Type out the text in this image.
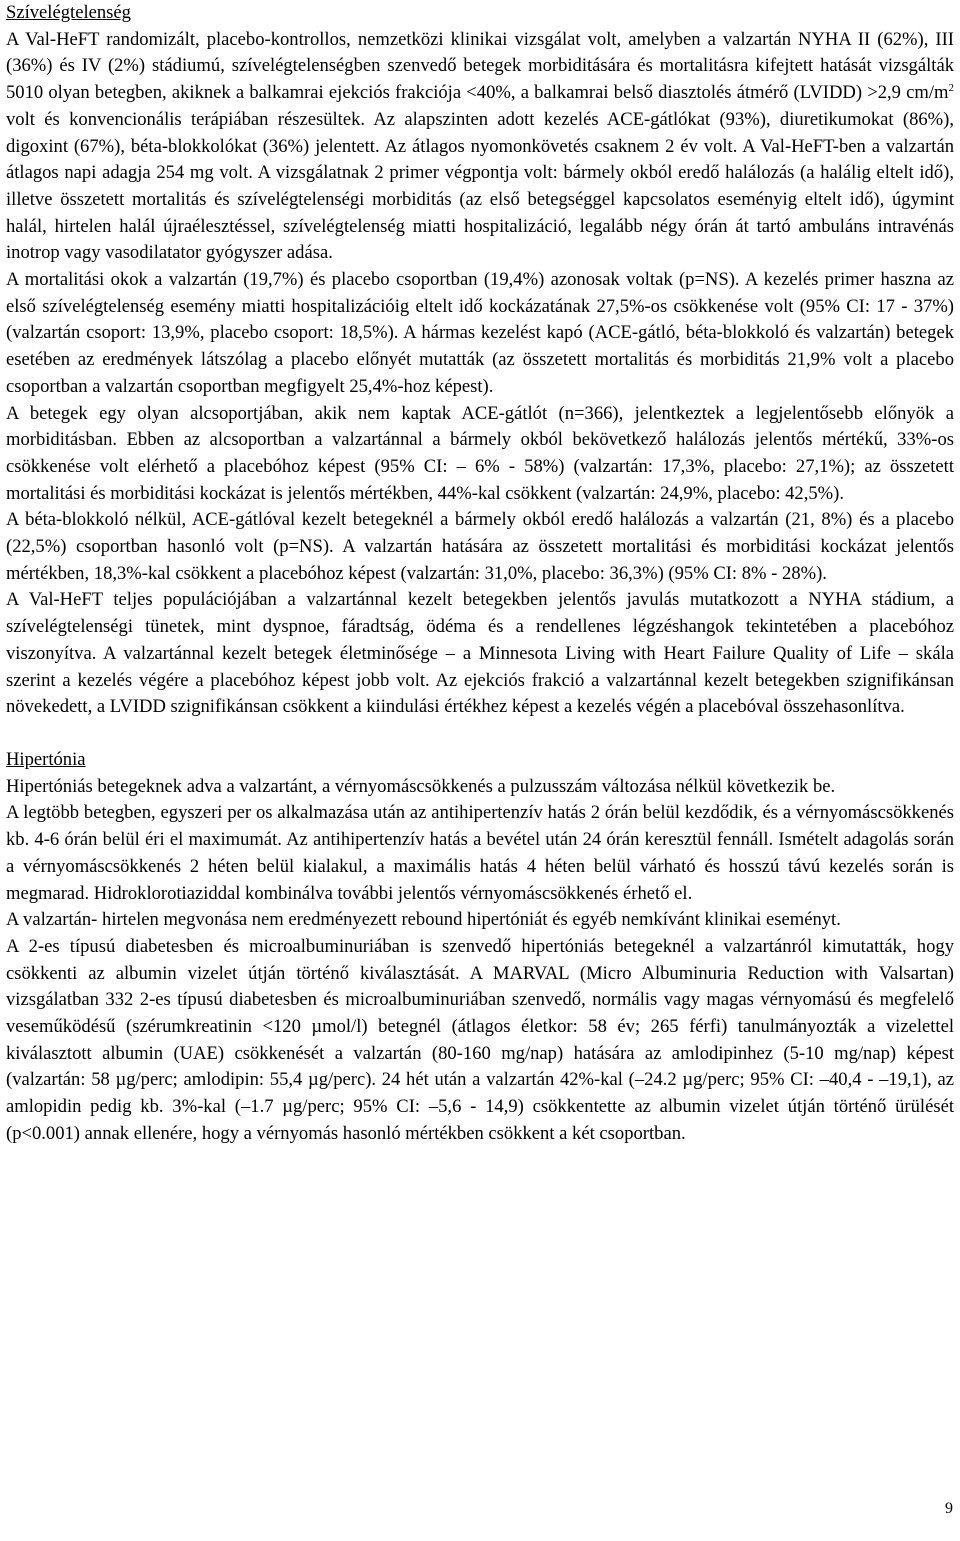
Szívelégtelenség

A Val-HeFT randomizált, placebo-kontrollos, nemzetközi klinikai vizsgálat volt, amelyben a valzartán NYHA II (62%), III (36%) és IV (2%) stádiumú, szívelégtelenségben szenvedő betegek morbiditására és mortalitásra kifejtett hatását vizsgálták 5010 olyan betegben, akiknek a balkamrai ejekciós frakciója <40%, a balkamrai belső diasztolés átmérő (LVIDD) >2,9 $cm/m^2$ volt és konvencionális terápiában részesültek. Az alapszinten adott kezelés ACE-gátlókat (93%), diuretikumokat (86%), digoxint (67%), béta-blokkolókat (36%) jelentett. Az átlagos nyomonkövetés csaknem 2 év volt. A Val-HeFT-ben a valzartán átlagos napi adagja 254 mg volt. A vizsgálatnak 2 primer végpontja volt: bármely okból eredő halálozás (a halálig eltelt idő), illetve összetett mortalitás és szívelégtelenségi morbiditás (az első betegséggel kapcsolatos eseményig eltelt idő), úgymint halál, hirtelen halál újraélesztéssel, szívelégtelenség miatti hospitalizáció, legalább négy órán át tartó ambuláns intravénás inotrop vagy vasodilatator gyógyszer adása.

A mortalitási okok a valzartán (19,7%) és placebo csoportban (19,4%) azonosak voltak (p=NS). A kezelés primer haszna az első szívelégtelenség esemény miatti hospitalizációig eltelt idő kockázatának 27,5%-os csökkenése volt (95% CI: 17 - 37%) (valzartán csoport: 13,9%, placebo csoport: 18,5%). A hármas kezelést kapó (ACE-gátló, béta-blokkoló és valzartán) betegek esetében az eredmények látszólag a placebo előnyét mutatták (az összetett mortalitás és morbiditás 21,9% volt a placebo csoportban a valzartán csoportban megfigyelt 25,4%-hoz képest).

A betegek egy olyan alcsoportjában, akik nem kaptak ACE-gátlót (n=366), jelentkeztek a legjelentősebb előnyök a morbiditásban. Ebben az alcsoportban a valzartánnal a bármely okból bekövetkező halálozás jelentős mértékű, 33%-os csökkenése volt elérhető a placebóhoz képest (95% CI: – 6% - 58%) (valzartán: 17,3%, placebo: 27,1%); az összetett mortalitási és morbiditási kockázat is jelentős mértékben, 44%-kal csökkent (valzartán: 24,9%, placebo: 42,5%).

A béta-blokkoló nélkül, ACE-gátlóval kezelt betegeknél a bármely okból eredő halálozás a valzartán (21, 8%) és a placebo (22,5%) csoportban hasonló volt (p=NS). A valzartán hatására az összetett mortalitási és morbiditási kockázat jelentős mértékben, 18,3%-kal csökkent a placebóhoz képest (valzartán: 31,0%, placebo: 36,3%) (95% CI: 8% - 28%).

A Val-HeFT teljes populációjában a valzartánnal kezelt betegekben jelentős javulás mutatkozott a NYHA stádium, a szívelégtelenségi tünetek, mint dyspnoe, fáradtság, ödéma és a rendellenes légzéshangok tekintetében a placebóhoz viszonyítva. A valzartánnal kezelt betegek életminősége – a Minnesota Living with Heart Failure Quality of Life – skála szerint a kezelés végére a placebóhoz képest jobb volt. Az ejekciós frakció a valzartánnal kezelt betegekben szignifikánsan növekedett, a LVIDD szignifikánsan csökkent a kiindulási értékhez képest a kezelés végén a placebóval összehasonlítva.

Hipertónia

Hipertóniás betegeknek adva a valzartánt, a vérnyomáscsökkenés a pulzusszám változása nélkül következik be.

A legtöbb betegben, egyszeri per os alkalmazása után az antihipertenzív hatás 2 órán belül kezdődik, és a vérnyomáscsökkenés kb. 4-6 órán belül éri el maximumát. Az antihipertenzív hatás a bevétel után 24 órán keresztül fennáll. Ismételt adagolás során a vérnyomáscsökkenés 2 héten belül kialakul, a maximális hatás 4 héten belül várható és hosszú távú kezelés során is megmarad. Hidroklorotiaziddal kombinálva további jelentős vérnyomáscsökkenés érhető el.

A valzartán- hirtelen megvonása nem eredményezett rebound hipertóniát és egyéb nemkívánt klinikai eseményt.

A 2-es típusú diabetesben és microalbuminuriában is szenvedő hipertóniás betegeknél a valzartánról kimutatták, hogy csökkenti az albumin vizelet útján történő kiválasztását. A MARVAL (Micro Albuminuria Reduction with Valsartan) vizsgálatban 332 2-es típusú diabetesben és microalbuminuriában szenvedő, normális vagy magas vérnyomású és megfelelő veseműködésű (szérumkreatinin <120 µmol/l) betegnél (átlagos életkor: 58 év; 265 férfi) tanulmányozták a vizelettel kiválasztott albumin (UAE) csökkenését a valzartán (80-160 mg/nap) hatására az amlodipinhez (5-10 mg/nap) képest (valzartán: 58 µg/perc; amlodipin: 55,4 µg/perc). 24 hét után a valzartán 42%-kal (–24.2 µg/perc; 95% CI: –40,4 - –19,1), az amlopidin pedig kb. 3%-kal (–1.7 µg/perc; 95% CI: –5,6 - 14,9) csökkentette az albumin vizelet útján történő ürülését (p<0.001) annak ellenére, hogy a vérnyomás hasonló mértékben csökkent a két csoportban.

9
